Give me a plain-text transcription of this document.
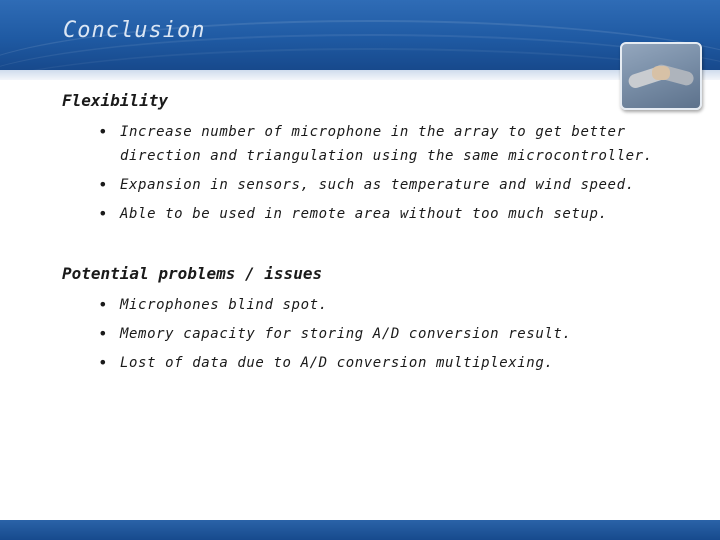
Conclusion
Flexibility
• Increase number of microphone in the array to get better direction and triangulation using the same microcontroller.
• Expansion in sensors, such as temperature and wind speed.
• Able to be used in remote area without too much setup.
Potential problems / issues
• Microphones blind spot.
• Memory capacity for storing A/D conversion result.
• Lost of data due to A/D conversion multiplexing.
